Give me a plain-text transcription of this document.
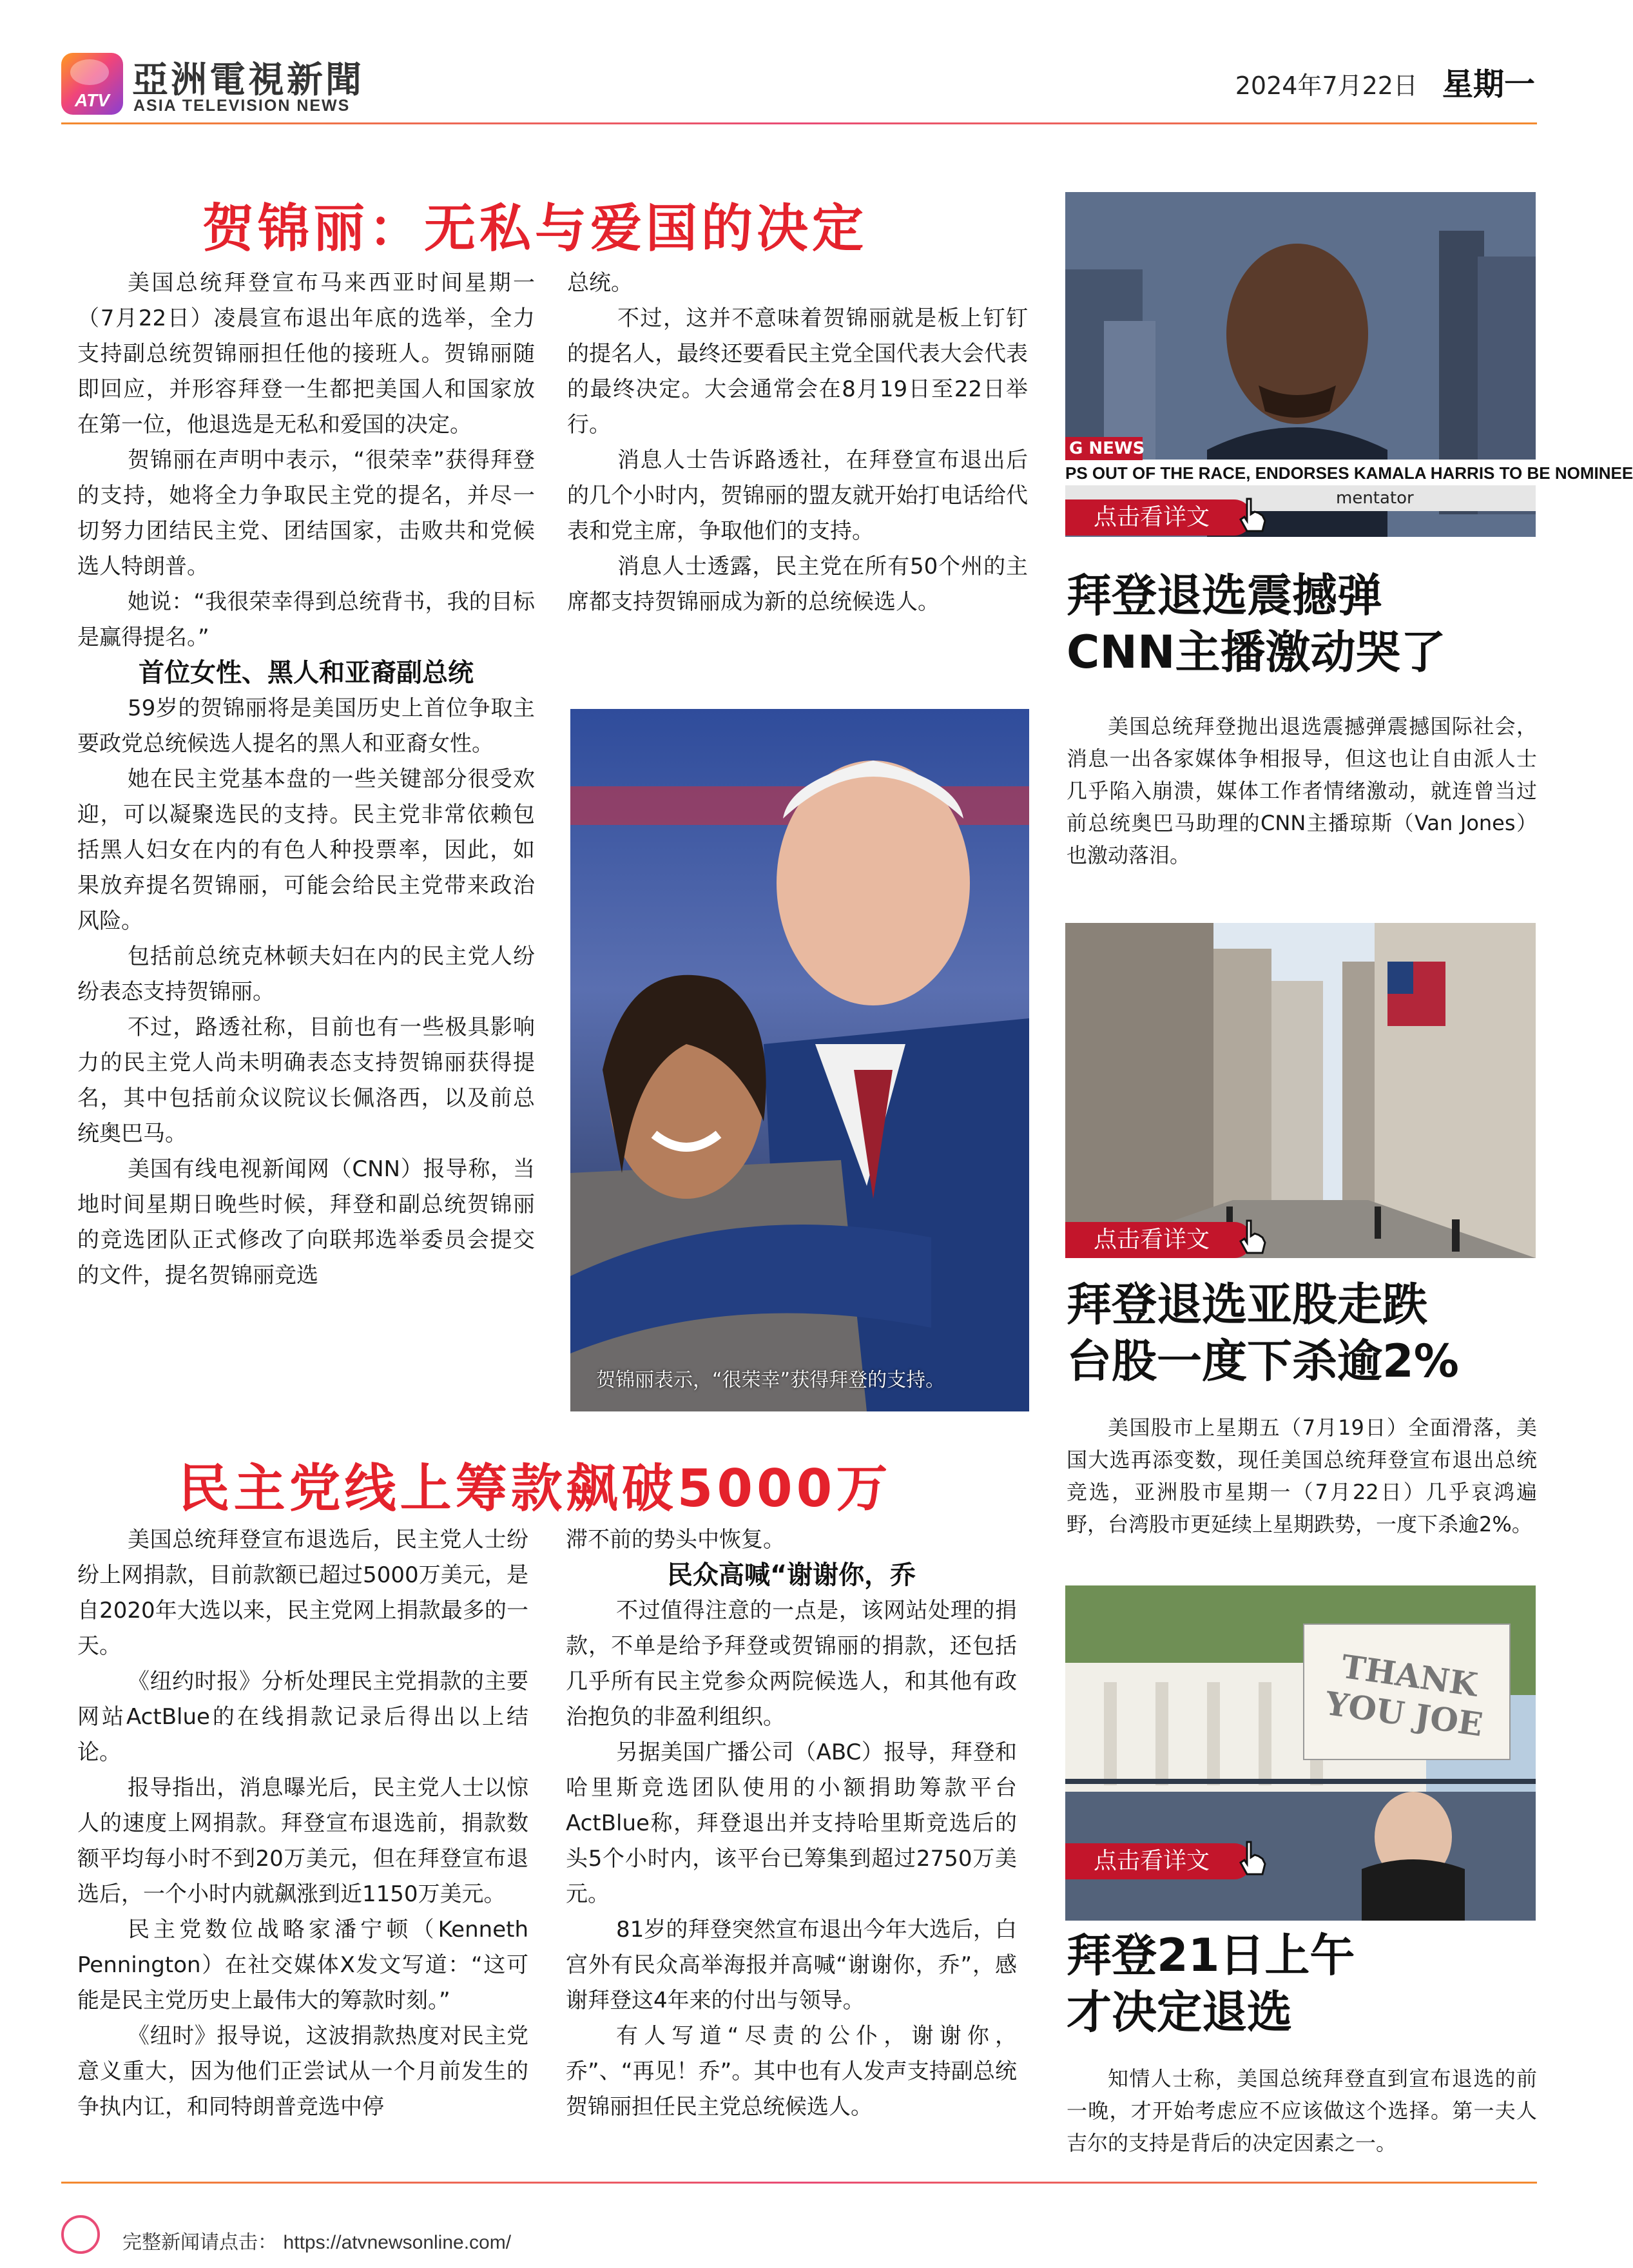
ATV 亞洲電視新聞
ASIA TELEVISION NEWS
2024年7月22日 星期一
贺锦丽：无私与爱国的决定

美国总统拜登宣布马来西亚时间星期一（7月22日）凌晨宣布退出年底的选举，全力支持副总统贺锦丽担任他的接班人。贺锦丽随即回应，并形容拜登一生都把美国人和国家放在第一位，他退选是无私和爱国的决定。

贺锦丽在声明中表示，“很荣幸”获得拜登的支持，她将全力争取民主党的提名，并尽一切努力团结民主党、团结国家，击败共和党候选人特朗普。

她说：“我很荣幸得到总统背书，我的目标是赢得提名。”

首位女性、黑人和亚裔副总统

59岁的贺锦丽将是美国历史上首位争取主要政党总统候选人提名的黑人和亚裔女性。

她在民主党基本盘的一些关键部分很受欢迎，可以凝聚选民的支持。民主党非常依赖包括黑人妇女在内的有色人种投票率，因此，如果放弃提名贺锦丽，可能会给民主党带来政治风险。

包括前总统克林顿夫妇在内的民主党人纷纷表态支持贺锦丽。

不过，路透社称，目前也有一些极具影响力的民主党人尚未明确表态支持贺锦丽获得提名，其中包括前众议院议长佩洛西，以及前总统奥巴马。

美国有线电视新闻网（CNN）报导称，当地时间星期日晚些时候，拜登和副总统贺锦丽的竞选团队正式修改了向联邦选举委员会提交的文件，提名贺锦丽竞选

总统。

不过，这并不意味着贺锦丽就是板上钉钉的提名人，最终还要看民主党全国代表大会代表的最终决定。大会通常会在8月19日至22日举行。

消息人士告诉路透社，在拜登宣布退出后的几个小时内，贺锦丽的盟友就开始打电话给代表和党主席，争取他们的支持。

消息人士透露，民主党在所有50个州的主席都支持贺锦丽成为新的总统候选人。

贺锦丽表示，“很荣幸”获得拜登的支持。
民主党线上筹款飙破5000万

美国总统拜登宣布退选后，民主党人士纷纷上网捐款，目前款额已超过5000万美元，是自2020年大选以来，民主党网上捐款最多的一天。

《纽约时报》分析处理民主党捐款的主要网站ActBlue的在线捐款记录后得出以上结论。

报导指出，消息曝光后，民主党人士以惊人的速度上网捐款。拜登宣布退选前，捐款数额平均每小时不到20万美元，但在拜登宣布退选后，一个小时内就飙涨到近1150万美元。

民主党数位战略家潘宁顿（Kenneth Pennington）在社交媒体X发文写道：“这可能是民主党历史上最伟大的筹款时刻。”

《纽时》报导说，这波捐款热度对民主党意义重大，因为他们正尝试从一个月前发生的争执内讧，和同特朗普竞选中停

滞不前的势头中恢复。

民众高喊“谢谢你，乔

不过值得注意的一点是，该网站处理的捐款，不单是给予拜登或贺锦丽的捐款，还包括几乎所有民主党参众两院候选人，和其他有政治抱负的非盈利组织。

另据美国广播公司（ABC）报导，拜登和哈里斯竞选团队使用的小额捐助筹款平台ActBlue称，拜登退出并支持哈里斯竞选后的头5个小时内，该平台已筹集到超过2750万美元。

81岁的拜登突然宣布退出今年大选后，白宫外有民众高举海报并高喊“谢谢你，乔”，感谢拜登这4年来的付出与领导。

有人写道“尽责的公仆，谢谢你，乔”、“再见！乔”。其中也有人发声支持副总统贺锦丽担任民主党总统候选人。

G NEWS
PS OUT OF THE RACE, ENDORSES KAMALA HARRIS TO BE NOMINEE
mentator
点击看详文
拜登退选震撼弹
CNN主播激动哭了

美国总统拜登抛出退选震撼弹震撼国际社会，消息一出各家媒体争相报导，但这也让自由派人士几乎陷入崩溃，媒体工作者情绪激动，就连曾当过前总统奥巴马助理的CNN主播琼斯（Van Jones）也激动落泪。

点击看详文
拜登退选亚股走跌
台股一度下杀逾2%

美国股市上星期五（7月19日）全面滑落，美国大选再添变数，现任美国总统拜登宣布退出总统竞选，亚洲股市星期一（7月22日）几乎哀鸿遍野，台湾股市更延续上星期跌势，一度下杀逾2%。

THANK YOU JOE
点击看详文
拜登21日上午
才决定退选

知情人士称，美国总统拜登直到宣布退选的前一晚，才开始考虑应不应该做这个选择。第一夫人吉尔的支持是背后的决定因素之一。

完整新闻请点击： https://atvnewsonline.com/
